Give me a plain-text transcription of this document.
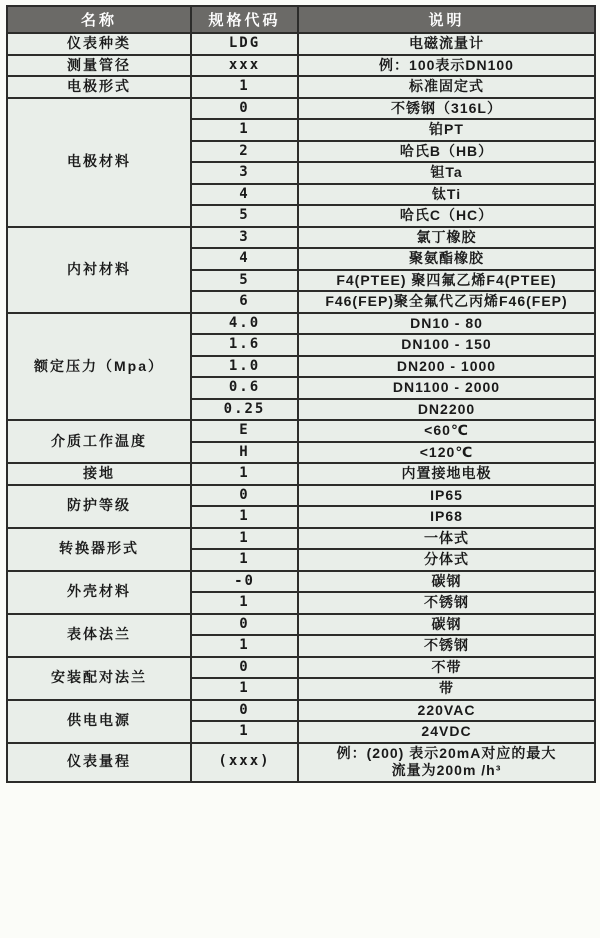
名称	规格代码	说明
仪表种类	LDG	电磁流量计
测量管径	xxx	例：100表示DN100
电极形式	1	标准固定式
电极材料	0	不锈钢（316L）
	1	铂PT
	2	哈氏B（HB）
	3	钽Ta
	4	钛Ti
	5	哈氏C（HC）
内衬材料	3	氯丁橡胶
	4	聚氨酯橡胶
	5	F4(PTEE) 聚四氟乙烯F4(PTEE)
	6	F46(FEP)聚全氟代乙丙烯F46(FEP)
额定压力（Mpa）	4.0	DN10 - 80
	1.6	DN100 - 150
	1.0	DN200 - 1000
	0.6	DN1100 - 2000
	0.25	DN2200
介质工作温度	E	<60℃
	H	<120℃
接地	1	内置接地电极
防护等级	0	IP65
	1	IP68
转换器形式	1	一体式
	1	分体式
外壳材料	-0	碳钢
	1	不锈钢
表体法兰	0	碳钢
	1	不锈钢
安装配对法兰	0	不带
	1	带
供电电源	0	220VAC
	1	24VDC
仪表量程	(xxx)	例：(200) 表示20mA对应的最大
流量为200m /h³
